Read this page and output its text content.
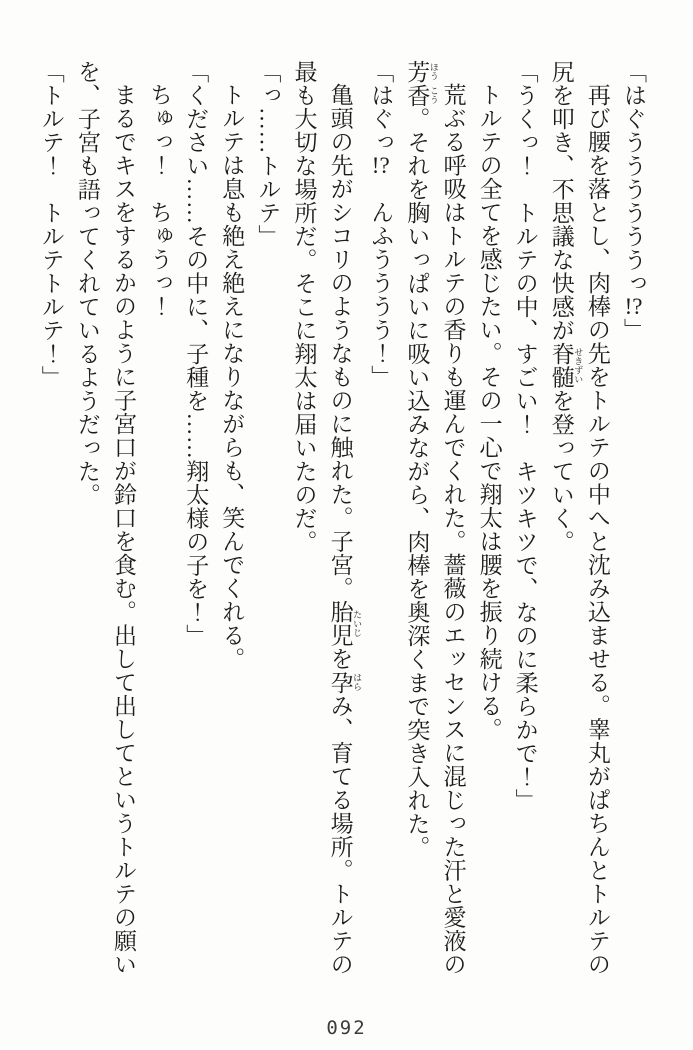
「はぐううううううっ!?」

再び腰を落とし、肉棒の先をトルテの中へと沈み込ませる。睾丸がぱちんとトルテの尻を叩き、不思議な快感が脊髄 せきずいを登っていく。

「うくっ！　トルテの中、すごい！　キツキツで、なのに柔らかで！」

トルテの全てを感じたい。その一心で翔太は腰を振り続ける。

荒ぶる呼吸はトルテの香りも運んでくれた。薔薇のエッセンスに混じった汗と愛液の芳 ほう香 こう。それを胸いっぱいに吸い込みながら、肉棒を奥深くまで突き入れた。

「はぐっ!?　んふうううう！」

亀頭の先がシコリのようなものに触れた。子宮。胎児 たいじを孕 はらみ、育てる場所。トルテの最も大切な場所だ。そこに翔太は届いたのだ。

「っ……トルテ」

トルテは息も絶え絶えになりながらも、笑んでくれる。

「ください……その中に、子種を……翔太様の子を！」

ちゅっ！　ちゅうっ！

まるでキスをするかのように子宮口が鈴口を食む。出して出してというトルテの願いを、子宮も語ってくれているようだった。

「トルテ！　トルテトルテ！」

092
